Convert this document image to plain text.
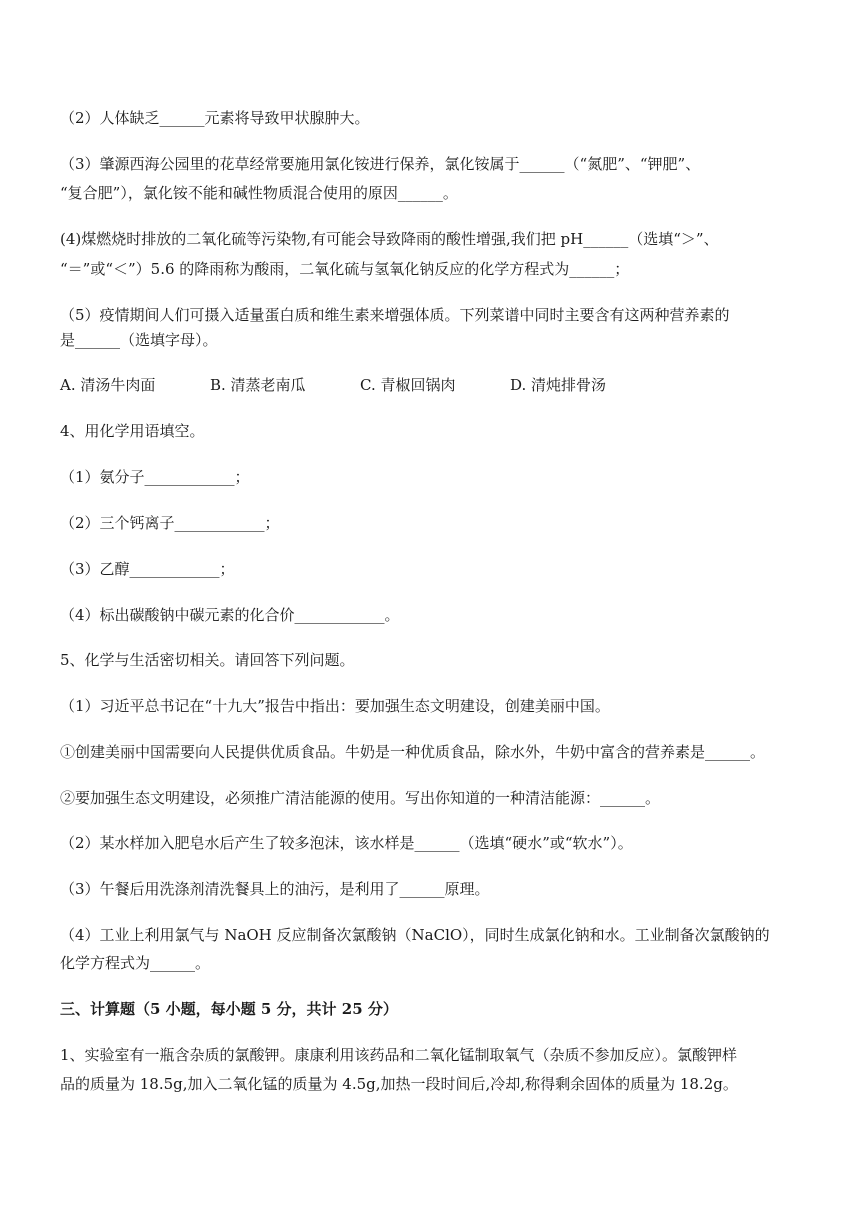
（2）人体缺乏______元素将导致甲状腺肿大。

（3）肇源西海公园里的花草经常要施用氯化铵进行保养，氯化铵属于______（“氮肥”、“钾肥”、

“复合肥”），氯化铵不能和碱性物质混合使用的原因______。

(4)煤燃烧时排放的二氧化硫等污染物,有可能会导致降雨的酸性增强,我们把 pH______（选填“＞”、

“＝”或“＜”）5.6 的降雨称为酸雨，二氧化硫与氢氧化钠反应的化学方程式为______；

（5）疫情期间人们可摄入适量蛋白质和维生素来增强体质。下列菜谱中同时主要含有这两种营养素的

是______（选填字母）。

A. 清汤牛肉面	B. 清蒸老南瓜	C. 青椒回锅肉	D. 清炖排骨汤

4、用化学用语填空。

（1）氨分子____________；

（2）三个钙离子____________；

（3）乙醇____________；

（4）标出碳酸钠中碳元素的化合价____________。

5、化学与生活密切相关。请回答下列问题。

（1）习近平总书记在“十九大”报告中指出：要加强生态文明建设，创建美丽中国。

①创建美丽中国需要向人民提供优质食品。牛奶是一种优质食品，除水外，牛奶中富含的营养素是______。

②要加强生态文明建设，必须推广清洁能源的使用。写出你知道的一种清洁能源：______。

（2）某水样加入肥皂水后产生了较多泡沫，该水样是______（选填“硬水”或“软水”）。

（3）午餐后用洗涤剂清洗餐具上的油污，是利用了______原理。

（4）工业上利用氯气与 NaOH 反应制备次氯酸钠（NaClO），同时生成氯化钠和水。工业制备次氯酸钠的

化学方程式为______。

三、计算题（5 小题，每小题 5 分，共计 25 分）

1、实验室有一瓶含杂质的氯酸钾。康康利用该药品和二氧化锰制取氧气（杂质不参加反应）。氯酸钾样

品的质量为 18.5g,加入二氧化锰的质量为 4.5g,加热一段时间后,冷却,称得剩余固体的质量为 18.2g。
